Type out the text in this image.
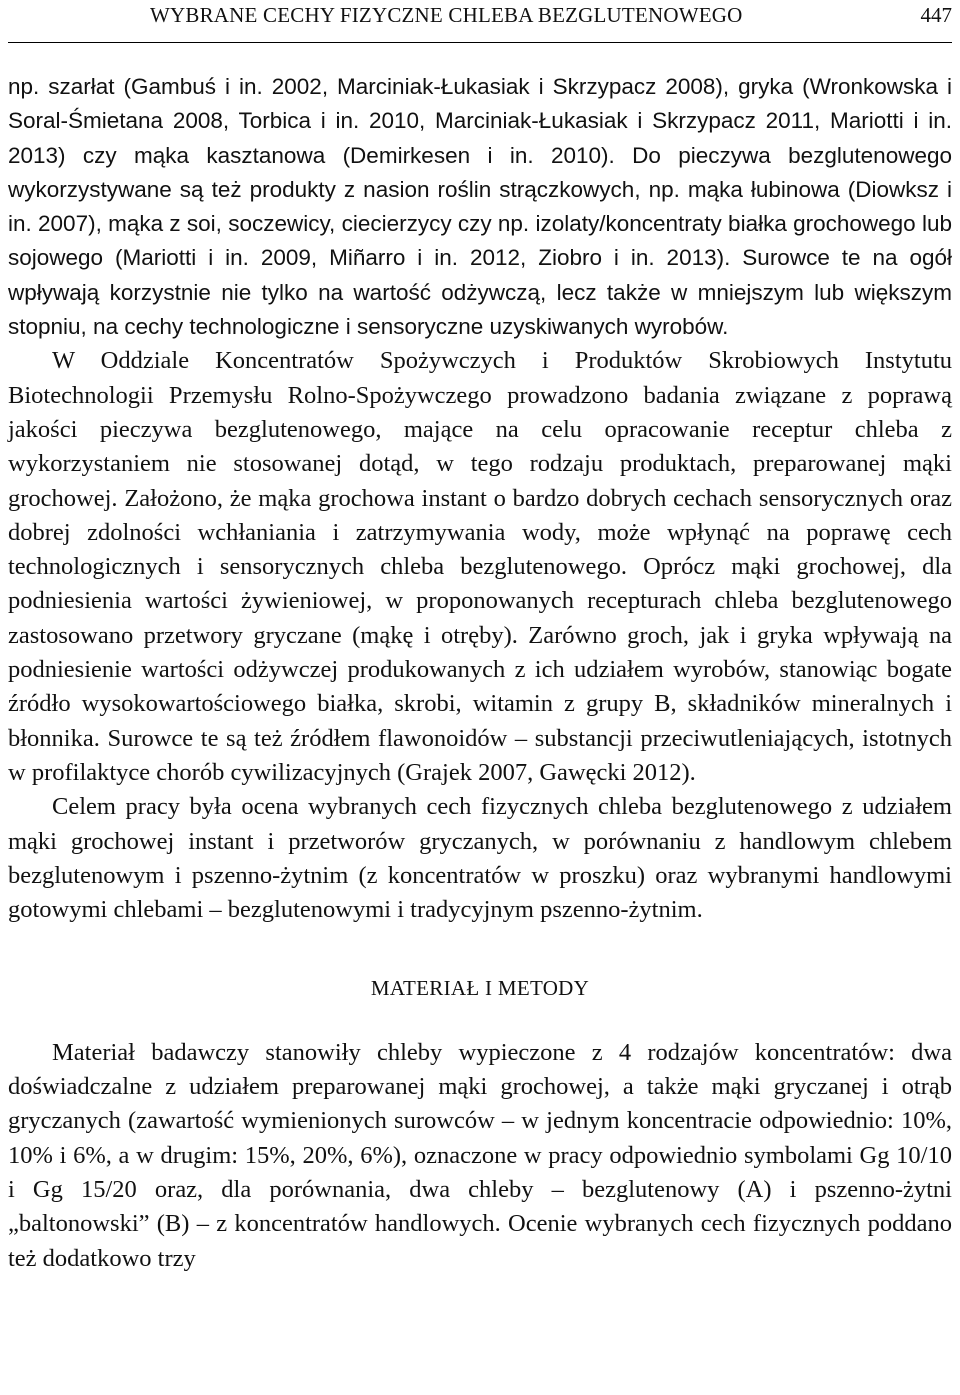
WYBRANE CECHY FIZYCZNE CHLEBA BEZGLUTENOWEGO	447

np. szarłat (Gambuś i in. 2002, Marciniak-Łukasiak i Skrzypacz 2008), gryka (Wronkowska i Soral-Śmietana 2008, Torbica i in. 2010, Marciniak-Łukasiak i Skrzypacz 2011, Mariotti i in. 2013) czy mąka kasztanowa (Demirkesen i in. 2010). Do pieczywa bezglutenowego wykorzystywane są też produkty z nasion roślin strączkowych, np. mąka łubinowa (Diowksz i in. 2007), mąka z soi, soczewicy, ciecierzycy czy np. izolaty/koncentraty białka grochowego lub sojowego (Mariotti i in. 2009, Miñarro i in. 2012, Ziobro i in. 2013). Surowce te na ogół wpływają korzystnie nie tylko na wartość odżywczą, lecz także w mniejszym lub większym stopniu, na cechy technologiczne i sensoryczne uzyskiwanych wyrobów.

W Oddziale Koncentratów Spożywczych i Produktów Skrobiowych Instytutu Biotechnologii Przemysłu Rolno-Spożywczego prowadzono badania związane z poprawą jakości pieczywa bezglutenowego, mające na celu opracowanie receptur chleba z wykorzystaniem nie stosowanej dotąd, w tego rodzaju produktach, preparowanej mąki grochowej. Założono, że mąka grochowa instant o bardzo dobrych cechach sensorycznych oraz dobrej zdolności wchłaniania i zatrzymywania wody, może wpłynąć na poprawę cech technologicznych i sensorycznych chleba bezglutenowego. Oprócz mąki grochowej, dla podniesienia wartości żywieniowej, w proponowanych recepturach chleba bezglutenowego zastosowano przetwory gryczane (mąkę i otręby). Zarówno groch, jak i gryka wpływają na podniesienie wartości odżywczej produkowanych z ich udziałem wyrobów, stanowiąc bogate źródło wysokowartościowego białka, skrobi, witamin z grupy B, składników mineralnych i błonnika. Surowce te są też źródłem flawonoidów – substancji przeciwutleniających, istotnych w profilaktyce chorób cywilizacyjnych (Grajek 2007, Gawęcki 2012).

Celem pracy była ocena wybranych cech fizycznych chleba bezglutenowego z udziałem mąki grochowej instant i przetworów gryczanych, w porównaniu z handlowym chlebem bezglutenowym i pszenno-żytnim (z koncentratów w proszku) oraz wybranymi handlowymi gotowymi chlebami – bezglutenowymi i tradycyjnym pszenno-żytnim.

MATERIAŁ I METODY

Materiał badawczy stanowiły chleby wypieczone z 4 rodzajów koncentratów: dwa doświadczalne z udziałem preparowanej mąki grochowej, a także mąki gryczanej i otrąb gryczanych (zawartość wymienionych surowców – w jednym koncentracie odpowiednio: 10%, 10% i 6%, a w drugim: 15%, 20%, 6%), oznaczone w pracy odpowiednio symbolami Gg 10/10 i Gg 15/20 oraz, dla porównania, dwa chleby – bezglutenowy (A) i pszenno-żytni „baltonowski” (B) – z koncentratów handlowych. Ocenie wybranych cech fizycznych poddano też dodatkowo trzy
